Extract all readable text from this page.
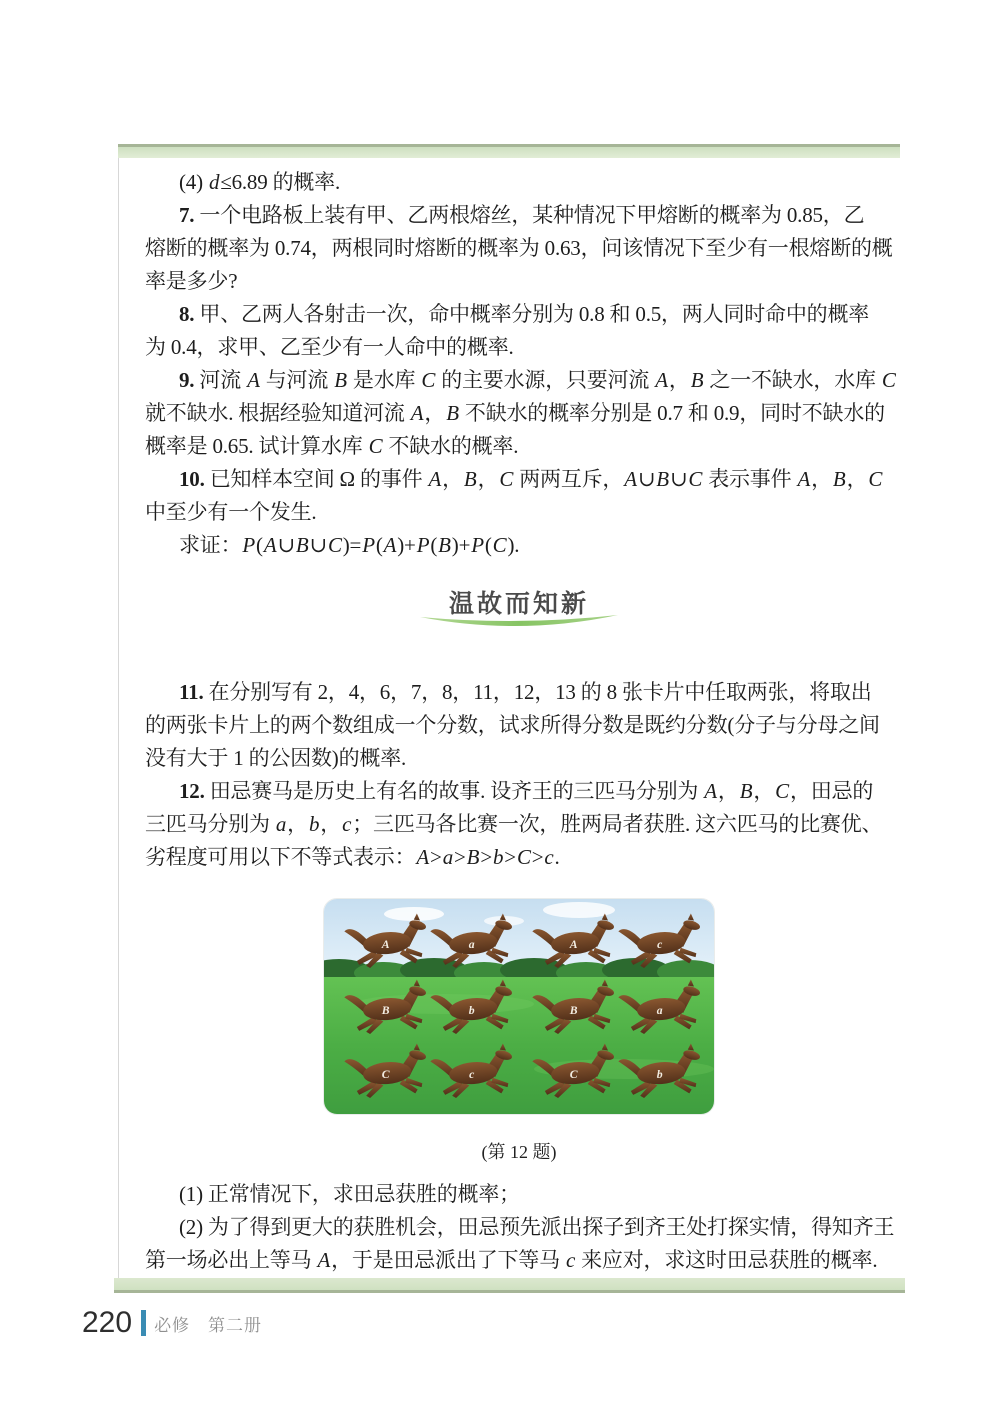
(4) d≤6.89 的概率.
7. 一个电路板上装有甲、乙两根熔丝，某种情况下甲熔断的概率为 0.85，乙
熔断的概率为 0.74，两根同时熔断的概率为 0.63，问该情况下至少有一根熔断的概
率是多少?
8. 甲、乙两人各射击一次，命中概率分别为 0.8 和 0.5，两人同时命中的概率
为 0.4，求甲、乙至少有一人命中的概率.
9. 河流 A 与河流 B 是水库 C 的主要水源，只要河流 A，B 之一不缺水，水库 C
就不缺水. 根据经验知道河流 A，B 不缺水的概率分别是 0.7 和 0.9，同时不缺水的
概率是 0.65. 试计算水库 C 不缺水的概率.
10. 已知样本空间 Ω 的事件 A，B，C 两两互斥，A∪B∪C 表示事件 A，B，C
中至少有一个发生.
求证：P(A∪B∪C)=P(A)+P(B)+P(C).
温故而知新
11. 在分别写有 2，4，6，7，8，11，12，13 的 8 张卡片中任取两张，将取出
的两张卡片上的两个数组成一个分数，试求所得分数是既约分数(分子与分母之间
没有大于 1 的公因数)的概率.
12. 田忌赛马是历史上有名的故事. 设齐王的三匹马分别为 A，B，C，田忌的
三匹马分别为 a，b，c；三匹马各比赛一次，胜两局者获胜. 这六匹马的比赛优、
劣程度可用以下不等式表示：A>a>B>b>C>c.
A	a	A	c
B	b	B	a
C	c	C	b
(第 12 题)
(1) 正常情况下，求田忌获胜的概率；
(2) 为了得到更大的获胜机会，田忌预先派出探子到齐王处打探实情，得知齐王
第一场必出上等马 A，于是田忌派出了下等马 c 来应对，求这时田忌获胜的概率.
220 必修　第二册
